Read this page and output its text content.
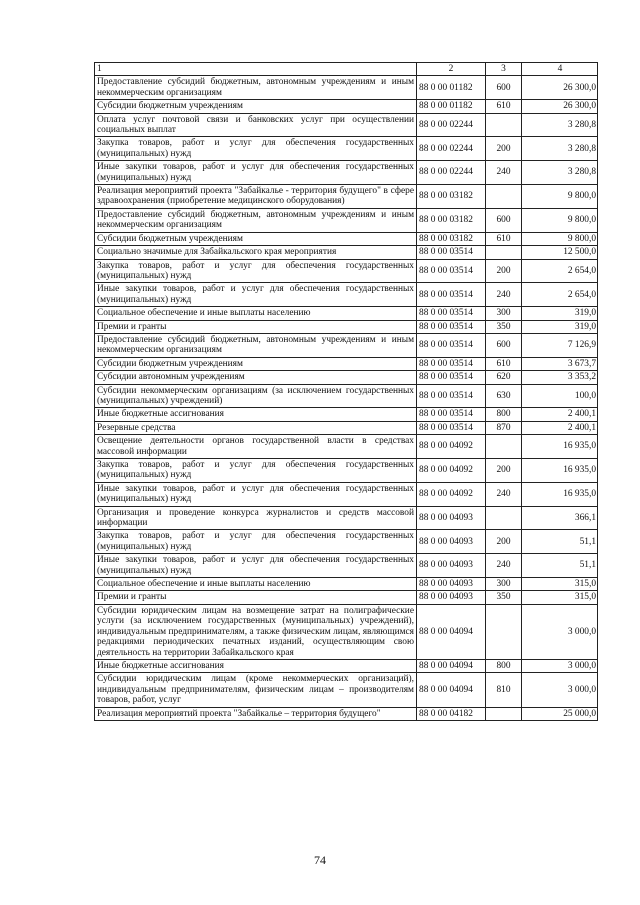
1	2	3	4
Предоставление субсидий бюджетным, автономным учреждениям и иным некоммерческим организациям	88 0 00 01182	600	26 300,0
Субсидии бюджетным учреждениям	88 0 00 01182	610	26 300,0
Оплата услуг почтовой связи и банковских услуг при осуществлении социальных выплат	88 0 00 02244		3 280,8
Закупка товаров, работ и услуг для обеспечения государственных (муниципальных) нужд	88 0 00 02244	200	3 280,8
Иные закупки товаров, работ и услуг для обеспечения государственных (муниципальных) нужд	88 0 00 02244	240	3 280,8
Реализация мероприятий проекта "Забайкалье - территория будущего" в сфере здравоохранения (приобретение медицинского оборудования)	88 0 00 03182		9 800,0
Предоставление субсидий бюджетным, автономным учреждениям и иным некоммерческим организациям	88 0 00 03182	600	9 800,0
Субсидии бюджетным учреждениям	88 0 00 03182	610	9 800,0
Социально значимые для Забайкальского края мероприятия	88 0 00 03514		12 500,0
Закупка товаров, работ и услуг для обеспечения государственных (муниципальных) нужд	88 0 00 03514	200	2 654,0
Иные закупки товаров, работ и услуг для обеспечения государственных (муниципальных) нужд	88 0 00 03514	240	2 654,0
Социальное обеспечение и иные выплаты населению	88 0 00 03514	300	319,0
Премии и гранты	88 0 00 03514	350	319,0
Предоставление субсидий бюджетным, автономным учреждениям и иным некоммерческим организациям	88 0 00 03514	600	7 126,9
Субсидии бюджетным учреждениям	88 0 00 03514	610	3 673,7
Субсидии автономным учреждениям	88 0 00 03514	620	3 353,2
Субсидии некоммерческим организациям (за исключением государственных (муниципальных) учреждений)	88 0 00 03514	630	100,0
Иные бюджетные ассигнования	88 0 00 03514	800	2 400,1
Резервные средства	88 0 00 03514	870	2 400,1
Освещение деятельности органов государственной власти в средствах массовой информации	88 0 00 04092		16 935,0
Закупка товаров, работ и услуг для обеспечения государственных (муниципальных) нужд	88 0 00 04092	200	16 935,0
Иные закупки товаров, работ и услуг для обеспечения государственных (муниципальных) нужд	88 0 00 04092	240	16 935,0
Организация и проведение конкурса журналистов и средств массовой информации	88 0 00 04093		366,1
Закупка товаров, работ и услуг для обеспечения государственных (муниципальных) нужд	88 0 00 04093	200	51,1
Иные закупки товаров, работ и услуг для обеспечения государственных (муниципальных) нужд	88 0 00 04093	240	51,1
Социальное обеспечение и иные выплаты населению	88 0 00 04093	300	315,0
Премии и гранты	88 0 00 04093	350	315,0
Субсидии юридическим лицам на возмещение затрат на полиграфические услуги (за исключением государственных (муниципальных) учреждений), индивидуальным предпринимателям, а также физическим лицам, являющимся редакциями периодических печатных изданий, осуществляющим свою деятельность на территории Забайкальского края	88 0 00 04094		3 000,0
Иные бюджетные ассигнования	88 0 00 04094	800	3 000,0
Субсидии юридическим лицам (кроме некоммерческих организаций), индивидуальным предпринимателям, физическим лицам – производителям товаров, работ, услуг	88 0 00 04094	810	3 000,0
Реализация мероприятий проекта "Забайкалье – территория будущего"	88 0 00 04182		25 000,0
74
